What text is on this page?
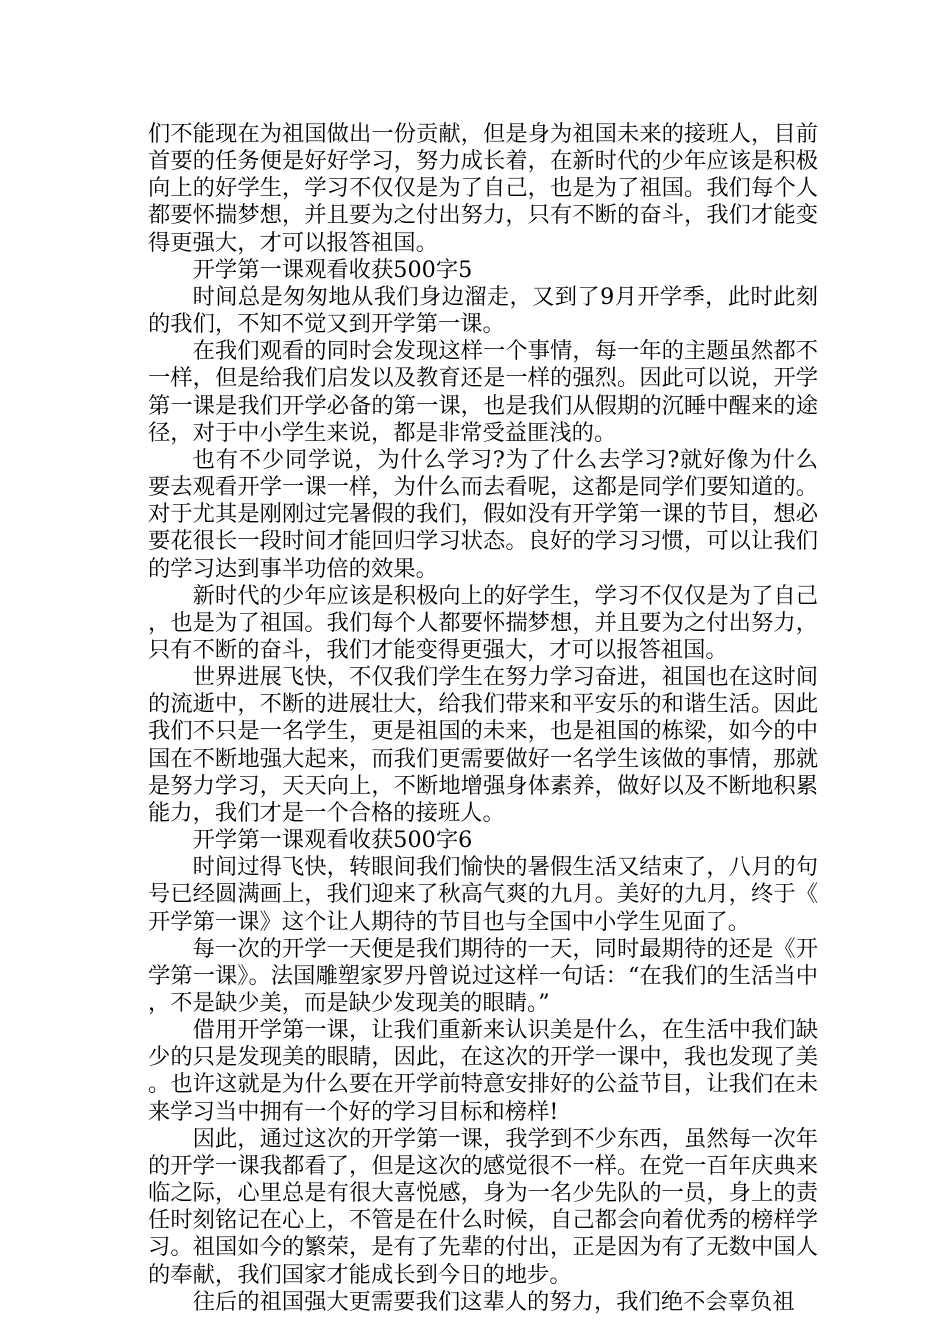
们不能现在为祖国做出一份贡献，但是身为祖国未来的接班人，目前首要的任务便是好好学习，努力成长着，在新时代的少年应该是积极向上的好学生，学习不仅仅是为了自己，也是为了祖国。我们每个人都要怀揣梦想，并且要为之付出努力，只有不断的奋斗，我们才能变得更强大，才可以报答祖国。

开学第一课观看收获500字5

时间总是匆匆地从我们身边溜走，又到了9月开学季，此时此刻的我们，不知不觉又到开学第一课。

在我们观看的同时会发现这样一个事情，每一年的主题虽然都不一样，但是给我们启发以及教育还是一样的强烈。因此可以说，开学第一课是我们开学必备的第一课，也是我们从假期的沉睡中醒来的途径，对于中小学生来说，都是非常受益匪浅的。

也有不少同学说，为什么学习?为了什么去学习?就好像为什么要去观看开学一课一样，为什么而去看呢，这都是同学们要知道的。对于尤其是刚刚过完暑假的我们，假如没有开学第一课的节目，想必要花很长一段时间才能回归学习状态。良好的学习习惯，可以让我们的学习达到事半功倍的效果。

新时代的少年应该是积极向上的好学生，学习不仅仅是为了自己，也是为了祖国。我们每个人都要怀揣梦想，并且要为之付出努力，只有不断的奋斗，我们才能变得更强大，才可以报答祖国。

世界进展飞快，不仅我们学生在努力学习奋进，祖国也在这时间的流逝中，不断的进展壮大，给我们带来和平安乐的和谐生活。因此我们不只是一名学生，更是祖国的未来，也是祖国的栋梁，如今的中国在不断地强大起来，而我们更需要做好一名学生该做的事情，那就是努力学习，天天向上，不断地增强身体素养，做好以及不断地积累能力，我们才是一个合格的接班人。

开学第一课观看收获500字6

时间过得飞快，转眼间我们愉快的暑假生活又结束了，八月的句号已经圆满画上，我们迎来了秋高气爽的九月。美好的九月，终于《开学第一课》这个让人期待的节目也与全国中小学生见面了。

每一次的开学一天便是我们期待的一天，同时最期待的还是《开学第一课》。法国雕塑家罗丹曾说过这样一句话：“在我们的生活当中，不是缺少美，而是缺少发现美的眼睛。”

借用开学第一课，让我们重新来认识美是什么，在生活中我们缺少的只是发现美的眼睛，因此，在这次的开学一课中，我也发现了美。也许这就是为什么要在开学前特意安排好的公益节目，让我们在未来学习当中拥有一个好的学习目标和榜样!

因此，通过这次的开学第一课，我学到不少东西，虽然每一次年的开学一课我都看了，但是这次的感觉很不一样。在党一百年庆典来临之际，心里总是有很大喜悦感，身为一名少先队的一员，身上的责任时刻铭记在心上，不管是在什么时候，自己都会向着优秀的榜样学习。祖国如今的繁荣，是有了先辈的付出，正是因为有了无数中国人的奉献，我们国家才能成长到今日的地步。

往后的祖国强大更需要我们这辈人的努力，我们绝不会辜负祖
